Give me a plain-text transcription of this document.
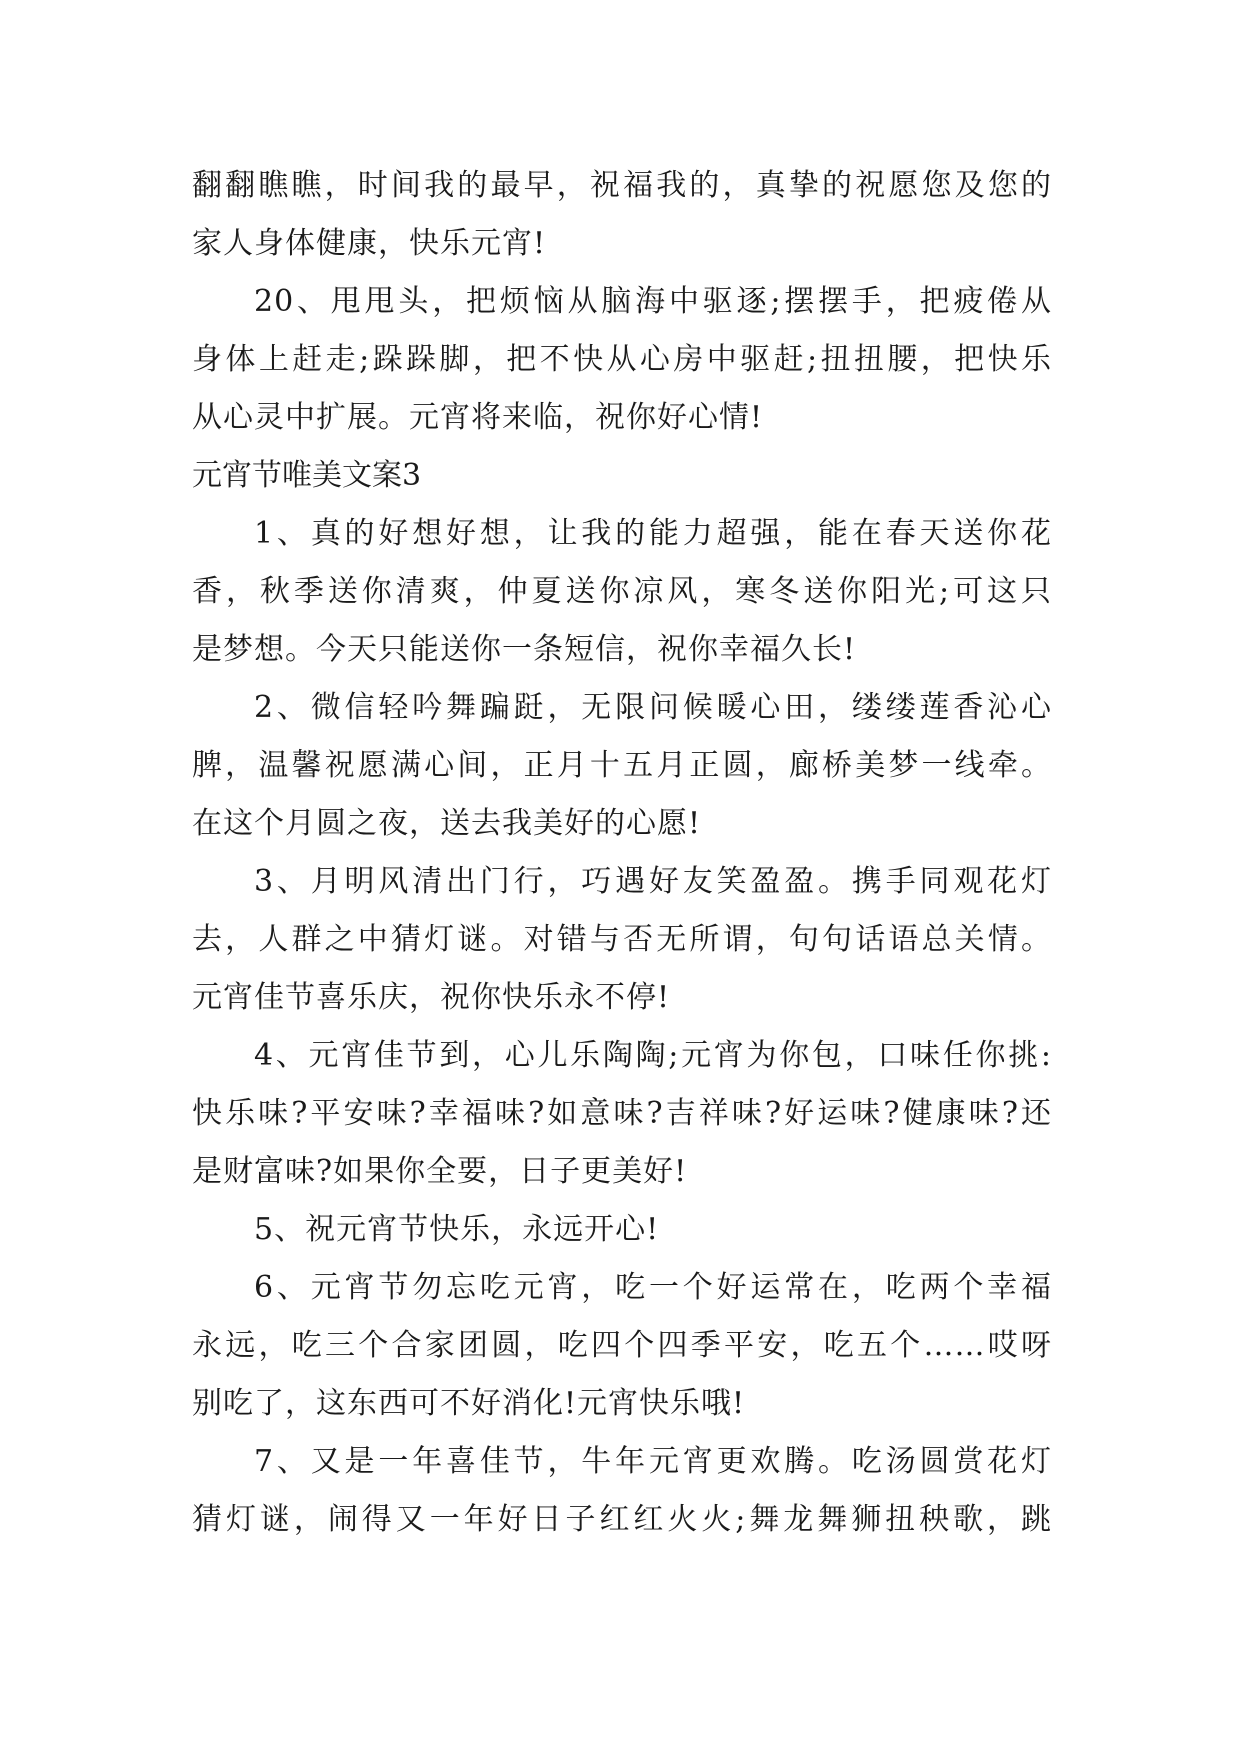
翻翻瞧瞧，时间我的最早，祝福我的，真挚的祝愿您及您的
家人身体健康，快乐元宵!
20、甩甩头，把烦恼从脑海中驱逐;摆摆手，把疲倦从
身体上赶走;跺跺脚，把不快从心房中驱赶;扭扭腰，把快乐
从心灵中扩展。元宵将来临，祝你好心情!
元宵节唯美文案3
1、真的好想好想，让我的能力超强，能在春天送你花
香，秋季送你清爽，仲夏送你凉风，寒冬送你阳光;可这只
是梦想。今天只能送你一条短信，祝你幸福久长!
2、微信轻吟舞蹁跹，无限问候暖心田，缕缕莲香沁心
脾，温馨祝愿满心间，正月十五月正圆，廊桥美梦一线牵。
在这个月圆之夜，送去我美好的心愿!
3、月明风清出门行，巧遇好友笑盈盈。携手同观花灯
去，人群之中猜灯谜。对错与否无所谓，句句话语总关情。
元宵佳节喜乐庆，祝你快乐永不停!
4、元宵佳节到，心儿乐陶陶;元宵为你包，口味任你挑:
快乐味?平安味?幸福味?如意味?吉祥味?好运味?健康味?还
是财富味?如果你全要，日子更美好!
5、祝元宵节快乐，永远开心!
6、元宵节勿忘吃元宵，吃一个好运常在，吃两个幸福
永远，吃三个合家团圆，吃四个四季平安，吃五个……哎呀
别吃了，这东西可不好消化!元宵快乐哦!
7、又是一年喜佳节，牛年元宵更欢腾。吃汤圆赏花灯
猜灯谜，闹得又一年好日子红红火火;舞龙舞狮扭秧歌，跳
